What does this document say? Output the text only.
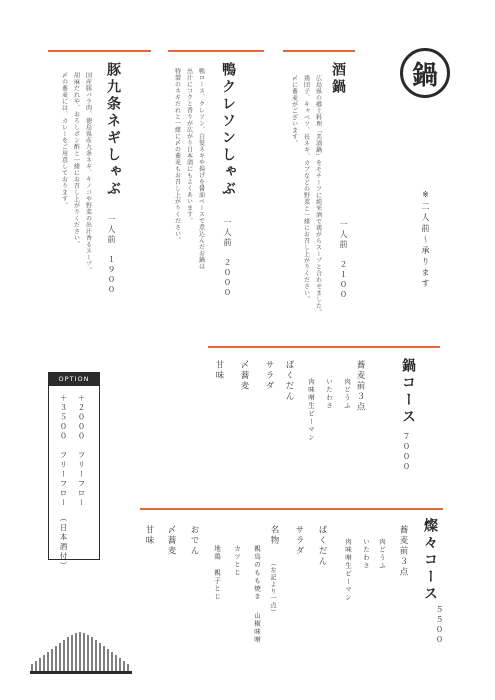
鍋
※二人前〜承ります
酒鍋
広島県の郷土料理「美酒鍋」をモチーフに純米酒で鶏がらスープと合わせました。
鶏団子、キャベツ、長ネギ、カブなどの野菜と一緒にお召し上がりください。
〆に蕎麦がございます。
一人前　２１００
鴨クレソンしゃぶ
鴨ロース、クレソン、白髪ネギや揚げを醤油ベースで煮込んだお鍋は
出汁にコクと香りが広がり日本酒にもよくあいます。
特製のネギだれと一緒に〆の蕎麦もお召し上がりください。
一人前　２０００
豚九条ネギしゃぶ
国産豚バラ肉、徳島県産九条ネギ、キノコや野菜の出汁香るスープ。
胡麻だれや、おろしポン酢と一緒にお召し上がりください。
〆の蕎麦には、カレーをご用意しております。
一人前　１９００
鍋コース
７０００
蕎麦前３点
肉どうふ
いたわさ
肉味噌生ピーマン
ばくだん
サラダ
〆蕎麦
甘味
燦々コース
５５００
蕎麦前３点
肉どうふ
いたわさ
肉味噌生ピーマン
ばくだん
サラダ
名物
（左記より一点）
親鳥のもも焼き
山椒味噌
カツとじ
地鶏　親子とじ
おでん
〆蕎麦
甘味
OPTION
＋２０００　フリーフロー
＋３５００　フリーフロー　（日本酒付）
